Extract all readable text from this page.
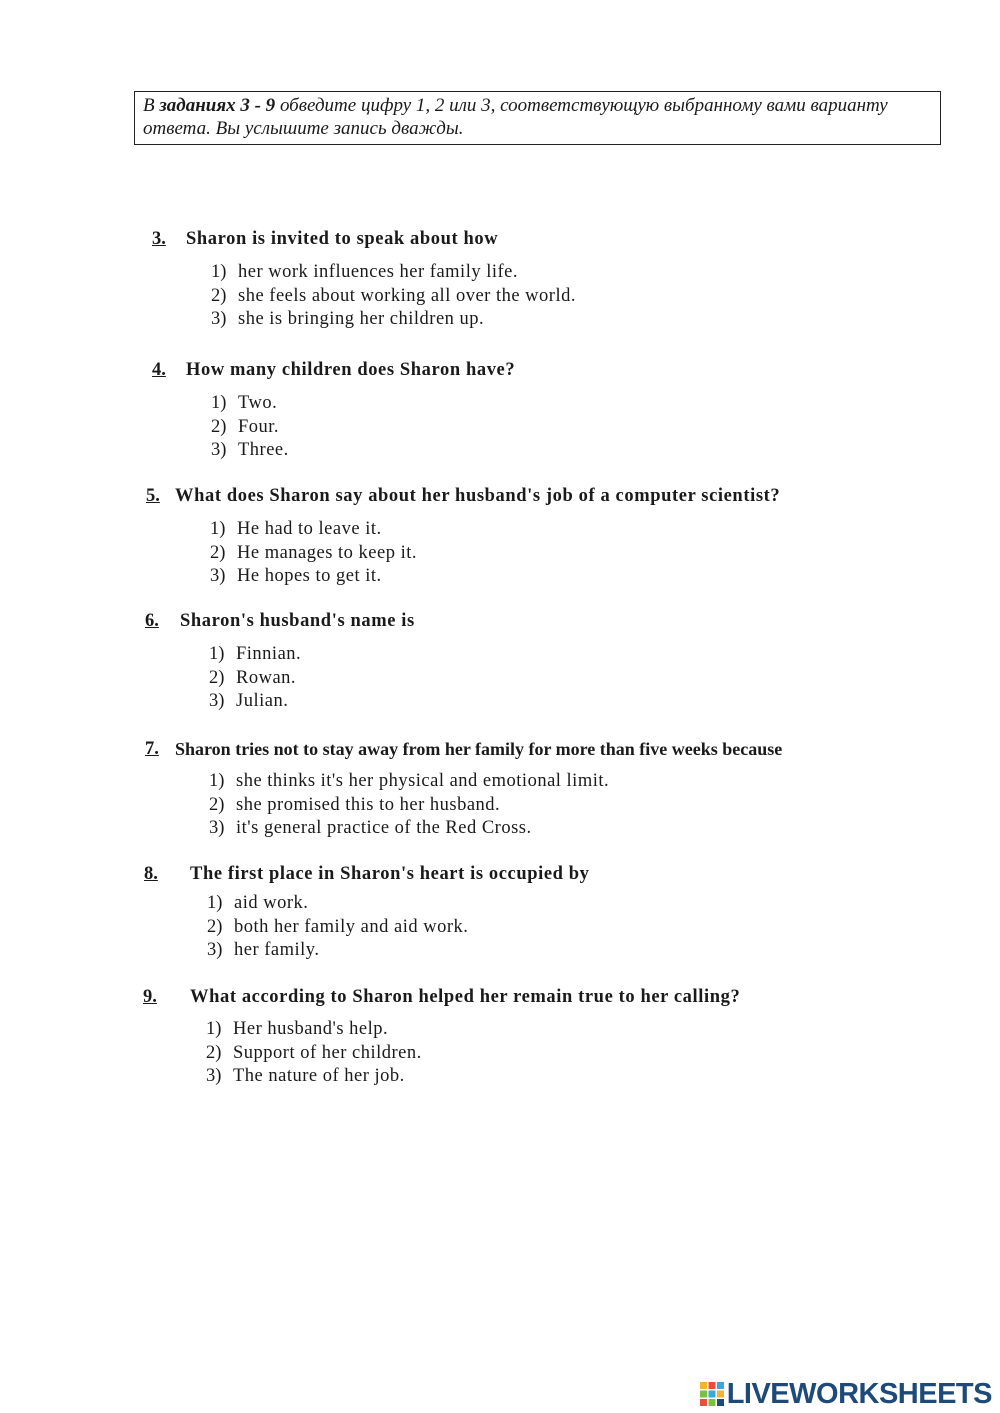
В заданиях 3 - 9 обведите цифру 1, 2 или 3, соответствующую выбранному вами варианту ответа. Вы услышите запись дважды.
3. Sharon is invited to speak about how
1) her work influences her family life.
2) she feels about working all over the world.
3) she is bringing her children up.
4. How many children does Sharon have?
1) Two.
2) Four.
3) Three.
5. What does Sharon say about her husband's job of a computer scientist?
1) He had to leave it.
2) He manages to keep it.
3) He hopes to get it.
6. Sharon's husband's name is
1) Finnian.
2) Rowan.
3) Julian.
7. Sharon tries not to stay away from her family for more than five weeks because
1) she thinks it's her physical and emotional limit.
2) she promised this to her husband.
3) it's general practice of the Red Cross.
8. The first place in Sharon's heart is occupied by
1) aid work.
2) both her family and aid work.
3) her family.
9. What according to Sharon helped her remain true to her calling?
1) Her husband's help.
2) Support of her children.
3) The nature of her job.
LIVEWORKSHEETS
